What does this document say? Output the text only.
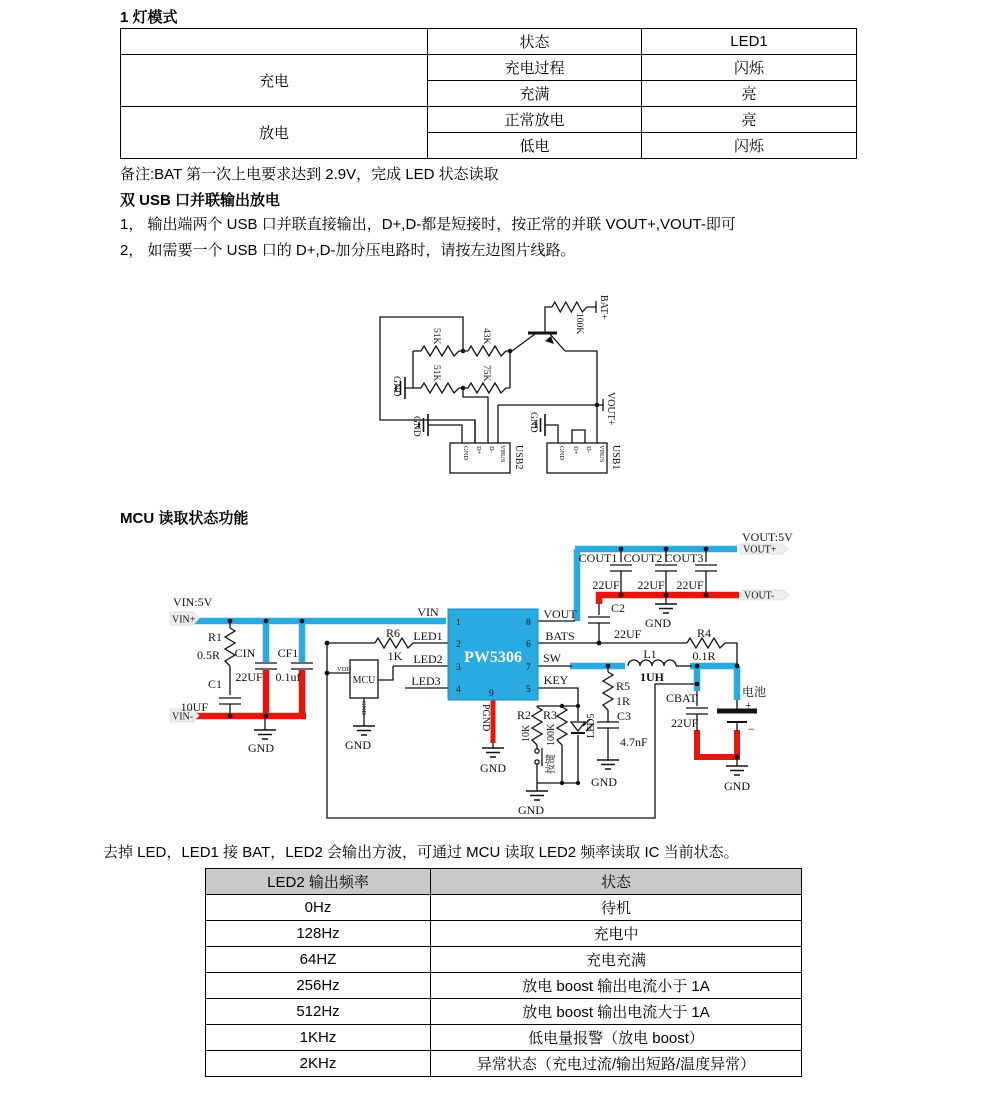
1 灯模式
	状态	LED1
充电	充电过程	闪烁
	充满	亮
放电	正常放电	亮
	低电	闪烁
备注:BAT 第一次上电要求达到 2.9V，完成 LED 状态读取
双 USB 口并联输出放电
1， 输出端两个 USB 口并联直接输出，D+,D-都是短接时，按正常的并联 VOUT+,VOUT-即可
2， 如需要一个 USB 口的 D+,D-加分压电路时，请按左边图片线路。
BAT+
100K
51K	43K
51K	75K
GND
GND	GND	VOUT+
USB2	USB1
GND D+ D- VBUS	GND D+ D- VBUS
MCU 读取状态功能
VIN:5V
VIN+
VIN-
R1
0.5R CIN
22UF
CF1
0.1uf
C1
10UF
GND
R6
1K
VDD
MCU
GND
GND
VIN
LED1
LED2
LED3
PW5306
1
2
3
4
8
6
7
5
9
VOUT
BATS
SW
KEY
PGND
GND
COUT1 COUT2 COUT3
22UF 22UF 22UF
VOUT:5V
VOUT+
VOUT-
GND
C2
22UF	R4
0.1R
L1
1UH
R5
1R
C3
4.7nF
GND
R2
10K
R3
100K
按键
LED5
GND
CBAT
22UF
电池
+
−
GND
去掉 LED，LED1 接 BAT，LED2 会输出方波，可通过 MCU 读取 LED2 频率读取 IC 当前状态。
LED2 输出频率	状态
0Hz	待机
128Hz	充电中
64HZ	充电充满
256Hz	放电 boost 输出电流小于 1A
512Hz	放电 boost 输出电流大于 1A
1KHz	低电量报警（放电 boost）
2KHz	异常状态（充电过流/输出短路/温度异常）
